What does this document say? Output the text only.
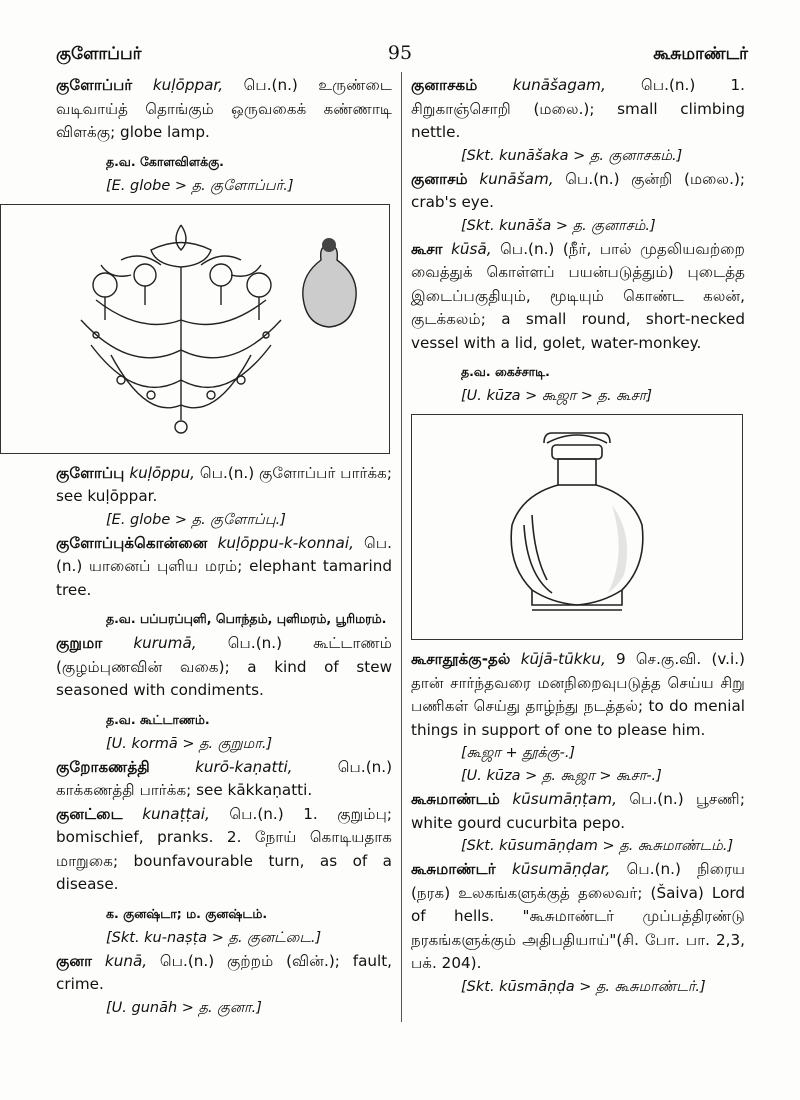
குளோப்பர்	95	கூசுமாண்டர்
குளோப்பர் kuḷōppar, பெ.(n.) உருண்டை வடிவாய்த் தொங்கும் ஒருவகைக் கண்ணாடி விளக்கு; globe lamp.
த.வ. கோளவிளக்கு.
[E. globe > த. குளோப்பர்.]
குளோப்பு kuḷōppu, பெ.(n.) குளோப்பர் பார்க்க; see kuḷōppar.
[E. globe > த. குளோப்பு.]
குளோப்புக்கொன்னை kuḷōppu-k-konnai, பெ.(n.) யானைப் புளிய மரம்; elephant tamarind tree.
த.வ. பப்பரப்புளி, பொந்தம், புளிமரம், பூரிமரம்.
குறுமா kurumā, பெ.(n.) கூட்டாணம் (குழம்புணவின் வகை); a kind of stew seasoned with condiments.
த.வ. கூட்டாணம்.
[U. kormā > த. குறுமா.]
குறோகணத்தி	kurō-kaṇatti, பெ.(n.) காக்கணத்தி பார்க்க; see kākkaṇatti.
குனட்டை kunaṭṭai, பெ.(n.) 1. குறும்பு; bomischief, pranks. 2. நோய் கொடியதாக மாறுகை; bounfavourable turn, as of a disease.
க. குனஷ்டா; ம. குனஷ்டம்.
[Skt. ku-naṣṭa > த. குனட்டை.]
குனா kunā, பெ.(n.) குற்றம் (வின்.); fault, crime.
[U. gunāh > த. குனா.]
குனாசகம் kunāšagam, பெ.(n.) 1. சிறுகாஞ்சொறி (மலை.); small climbing nettle.
[Skt. kunāšaka > த. குனாசகம்.]
குனாசம் kunāšam, பெ.(n.) குன்றி (மலை.); crab's eye.
[Skt. kunāša > த. குனாசம்.]
கூசா kūsā, பெ.(n.) (நீர், பால் முதலியவற்றை வைத்துக் கொள்ளப் பயன்படுத்தும்) புடைத்த இடைப்பகுதியும், மூடியும் கொண்ட கலன், குடக்கலம்; a small round, short-necked vessel with a lid, golet, water-monkey.
த.வ. கைச்சாடி.
[U. kūza > கூஜா > த. கூசா]
கூசாதூக்கு-தல் kūjā-tūkku, 9 செ.கு.வி. (v.i.) தான் சார்ந்தவரை மனநிறைவுபடுத்த செய்ய சிறு பணிகள் செய்து தாழ்ந்து நடத்தல்; to do menial things in support of one to please him.
[கூஜா + தூக்கு-.]
[U. kūza > த. கூஜா > கூசா-.]
கூசுமாண்டம் kūsumāṇṭam, பெ.(n.) பூசணி; white gourd cucurbita pepo.
[Skt. kūsumāṇḍam > த. கூசுமாண்டம்.]
கூசுமாண்டர் kūsumāṇḍar, பெ.(n.) நிரைய (நரக) உலகங்களுக்குத் தலைவர்; (Šaiva) Lord of hells. "கூசுமாண்டர் முப்பத்திரண்டு நரகங்களுக்கும் அதிபதியாய்"(சி. போ. பா. 2,3, பக். 204).
[Skt. kūsmāṇḍa > த. கூசுமாண்டர்.]
